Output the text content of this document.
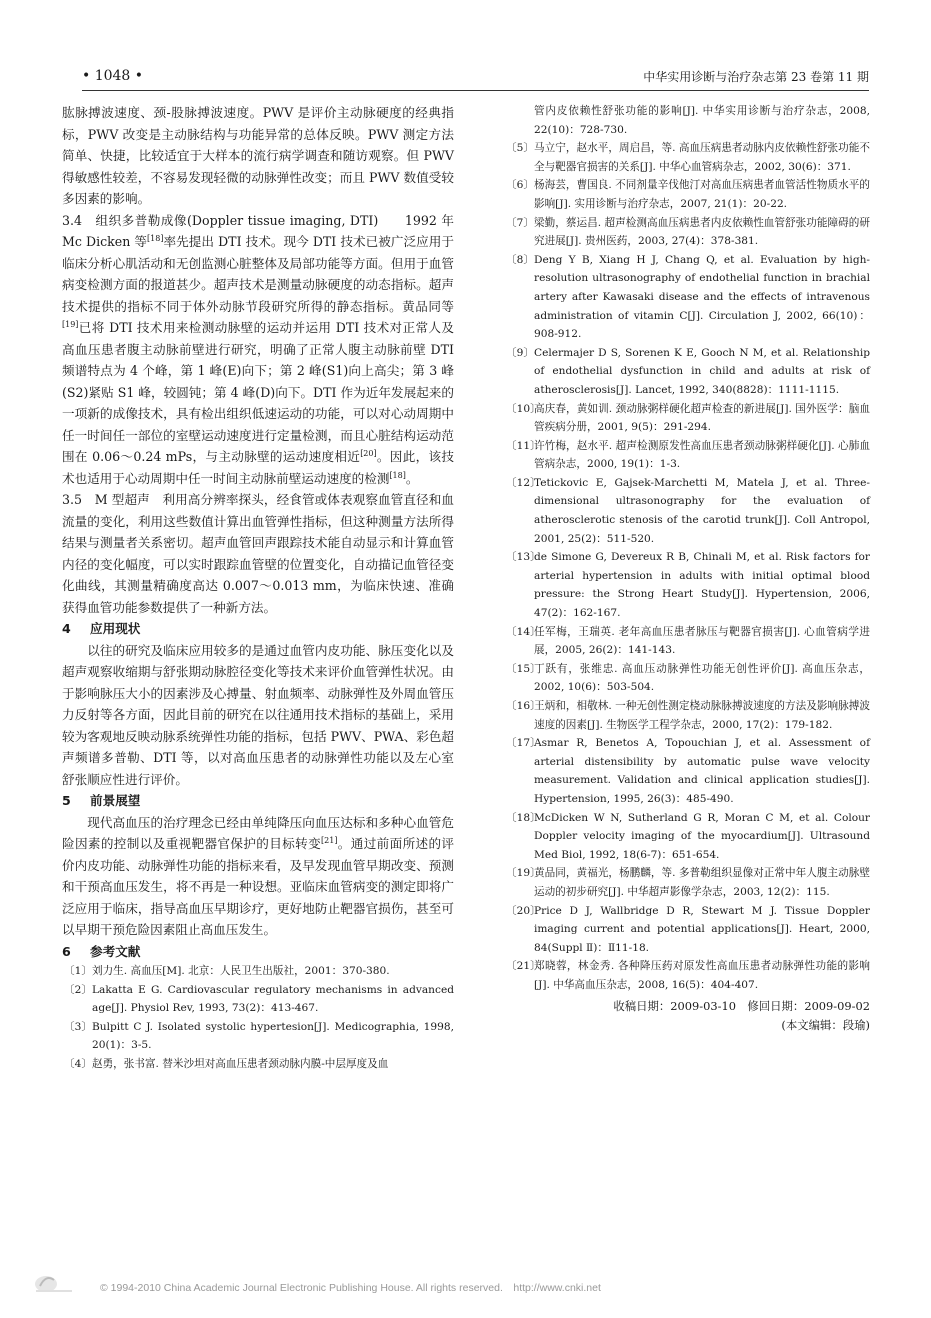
• 1048 •	中华实用诊断与治疗杂志第 23 卷第 11 期

肱脉搏波速度、颈-股脉搏波速度。PWV 是评价主动脉硬度的经典指标，PWV 改变是主动脉结构与功能异常的总体反映。PWV 测定方法简单、快捷，比较适宜于大样本的流行病学调查和随访观察。但 PWV 得敏感性较差，不容易发现轻微的动脉弹性改变；而且 PWV 数值受较多因素的影响。

3.4　组织多普勒成像(Doppler tissue imaging, DTI)　　1992 年 Mc Dicken 等[18]率先提出 DTI 技术。现今 DTI 技术已被广泛应用于临床分析心肌活动和无创监测心脏整体及局部功能等方面。但用于血管病变检测方面的报道甚少。超声技术是测量动脉硬度的动态指标。超声技术提供的指标不同于体外动脉节段研究所得的静态指标。黄品同等[19]已将 DTI 技术用来检测动脉壁的运动并运用 DTI 技术对正常人及高血压患者腹主动脉前壁进行研究，明确了正常人腹主动脉前壁 DTI 频谱特点为 4 个峰，第 1 峰(E)向下；第 2 峰(S1)向上高尖；第 3 峰(S2)紧贴 S1 峰，较圆钝；第 4 峰(D)向下。DTI 作为近年发展起来的一项新的成像技术，具有检出组织低速运动的功能，可以对心动周期中任一时间任一部位的室壁运动速度进行定量检测，而且心脏结构运动范围在 0.06～0.24 mPs，与主动脉壁的运动速度相近[20]。因此，该技术也适用于心动周期中任一时间主动脉前壁运动速度的检测[18]。

3.5　M 型超声　利用高分辨率探头，经食管或体表观察血管直径和血流量的变化，利用这些数值计算出血管弹性指标，但这种测量方法所得结果与测量者关系密切。超声血管回声跟踪技术能自动显示和计算血管内径的变化幅度，可以实时跟踪血管壁的位置变化，自动描记血管径变化曲线，其测量精确度高达 0.007～0.013 mm，为临床快速、准确获得血管功能参数提供了一种新方法。

4 应用现状

以往的研究及临床应用较多的是通过血管内皮功能、脉压变化以及超声观察收缩期与舒张期动脉腔径变化等技术来评价血管弹性状况。由于影响脉压大小的因素涉及心搏量、射血频率、动脉弹性及外周血管压力反射等各方面，因此目前的研究在以往通用技术指标的基础上，采用较为客观地反映动脉系统弹性功能的指标，包括 PWV、PWA、彩色超声频谱多普勒、DTI 等，以对高血压患者的动脉弹性功能以及左心室舒张顺应性进行评价。

5 前景展望

现代高血压的治疗理念已经由单纯降压向血压达标和多种心血管危险因素的控制以及重视靶器官保护的目标转变[21]。通过前面所述的评价内皮功能、动脉弹性功能的指标来看，及早发现血管早期改变、预测和干预高血压发生，将不再是一种设想。亚临床血管病变的测定即将广泛应用于临床，指导高血压早期诊疗，更好地防止靶器官损伤，甚至可以早期干预危险因素阻止高血压发生。

6 参考文献

〔1〕 刘力生. 高血压[M]. 北京：人民卫生出版社，2001：370-380.

〔2〕 Lakatta E G. Cardiovascular regulatory mechanisms in advanced age[J]. Physiol Rev, 1993, 73(2)：413-467.

〔3〕 Bulpitt C J. Isolated systolic hypertesion[J]. Medicographia, 1998, 20(1)：3-5.

〔4〕 赵勇，张书富. 替米沙坦对高血压患者颈动脉内膜-中层厚度及血

管内皮依赖性舒张功能的影响[J]. 中华实用诊断与治疗杂志，2008, 22(10)：728-730.

〔5〕 马立宁，赵水平，周启昌，等. 高血压病患者动脉内皮依赖性舒张功能不全与靶器官损害的关系[J]. 中华心血管病杂志，2002, 30(6)：371.

〔6〕 杨海芸，曹国良. 不同剂量辛伐他汀对高血压病患者血管活性物质水平的影响[J]. 实用诊断与治疗杂志，2007, 21(1)：20-22.

〔7〕 梁勤，蔡运昌. 超声检测高血压病患者内皮依赖性血管舒张功能障碍的研究进展[J]. 贵州医药，2003, 27(4)：378-381.

〔8〕 Deng Y B, Xiang H J, Chang Q, et al. Evaluation by high-resolution ultrasonography of endothelial function in brachial artery after Kawasaki disease and the effects of intravenous administration of vitamin C[J]. Circulation J, 2002, 66(10)：908-912.

〔9〕 Celermajer D S, Sorenen K E, Gooch N M, et al. Relationship of endothelial dysfunction in child and adults at risk of atherosclerosis[J]. Lancet, 1992, 340(8828)：1111-1115.

〔10〕
高庆春，黄如训. 颈动脉粥样硬化超声检查的新进展[J]. 国外医学：脑血管疾病分册，2001, 9(5)：291-294.

〔11〕
许竹梅，赵水平. 超声检测原发性高血压患者颈动脉粥样硬化[J]. 心肺血管病杂志，2000, 19(1)：1-3.

〔12〕
Tetickovic E, Gajsek-Marchetti M, Matela J, et al. Three-dimensional ultrasonography for the evaluation of atherosclerotic stenosis of the carotid trunk[J]. Coll Antropol, 2001, 25(2)：511-520.

〔13〕
de Simone G, Devereux R B, Chinali M, et al. Risk factors for arterial hypertension in adults with initial optimal blood pressure: the Strong Heart Study[J]. Hypertension, 2006, 47(2)：162-167.

〔14〕
任军梅，王瑞英. 老年高血压患者脉压与靶器官损害[J]. 心血管病学进展，2005, 26(2)：141-143.

〔15〕
丁跃有，张维忠. 高血压动脉弹性功能无创性评价[J]. 高血压杂志，2002, 10(6)：503-504.

〔16〕
王炳和，相敬林. 一种无创性测定桡动脉脉搏波速度的方法及影响脉搏波速度的因素[J]. 生物医学工程学杂志，2000, 17(2)：179-182.

〔17〕
Asmar R, Benetos A, Topouchian J, et al. Assessment of arterial distensibility by automatic pulse wave velocity measurement. Validation and clinical application studies[J]. Hypertension, 1995, 26(3)：485-490.

〔18〕
McDicken W N, Sutherland G R, Moran C M, et al. Colour Doppler velocity imaging of the myocardium[J]. Ultrasound Med Biol, 1992, 18(6-7)：651-654.

〔19〕
黄品同，黄福光，杨鹏麟，等. 多普勒组织显像对正常中年人腹主动脉壁运动的初步研究[J]. 中华超声影像学杂志，2003, 12(2)：115.

〔20〕
Price D J, Wallbridge D R, Stewart M J. Tissue Doppler imaging current and potential applications[J]. Heart, 2000, 84(Suppl Ⅱ)：Ⅱ11-18.

〔21〕
郑晓蓉，林金秀. 各种降压药对原发性高血压患者动脉弹性功能的影响[J]. 中华高血压杂志，2008, 16(5)：404-407.

收稿日期：2009-03-10　修回日期：2009-09-02
(本文编辑：段瑜)
© 1994-2010 China Academic Journal Electronic Publishing House. All rights reserved.　http://www.cnki.net
